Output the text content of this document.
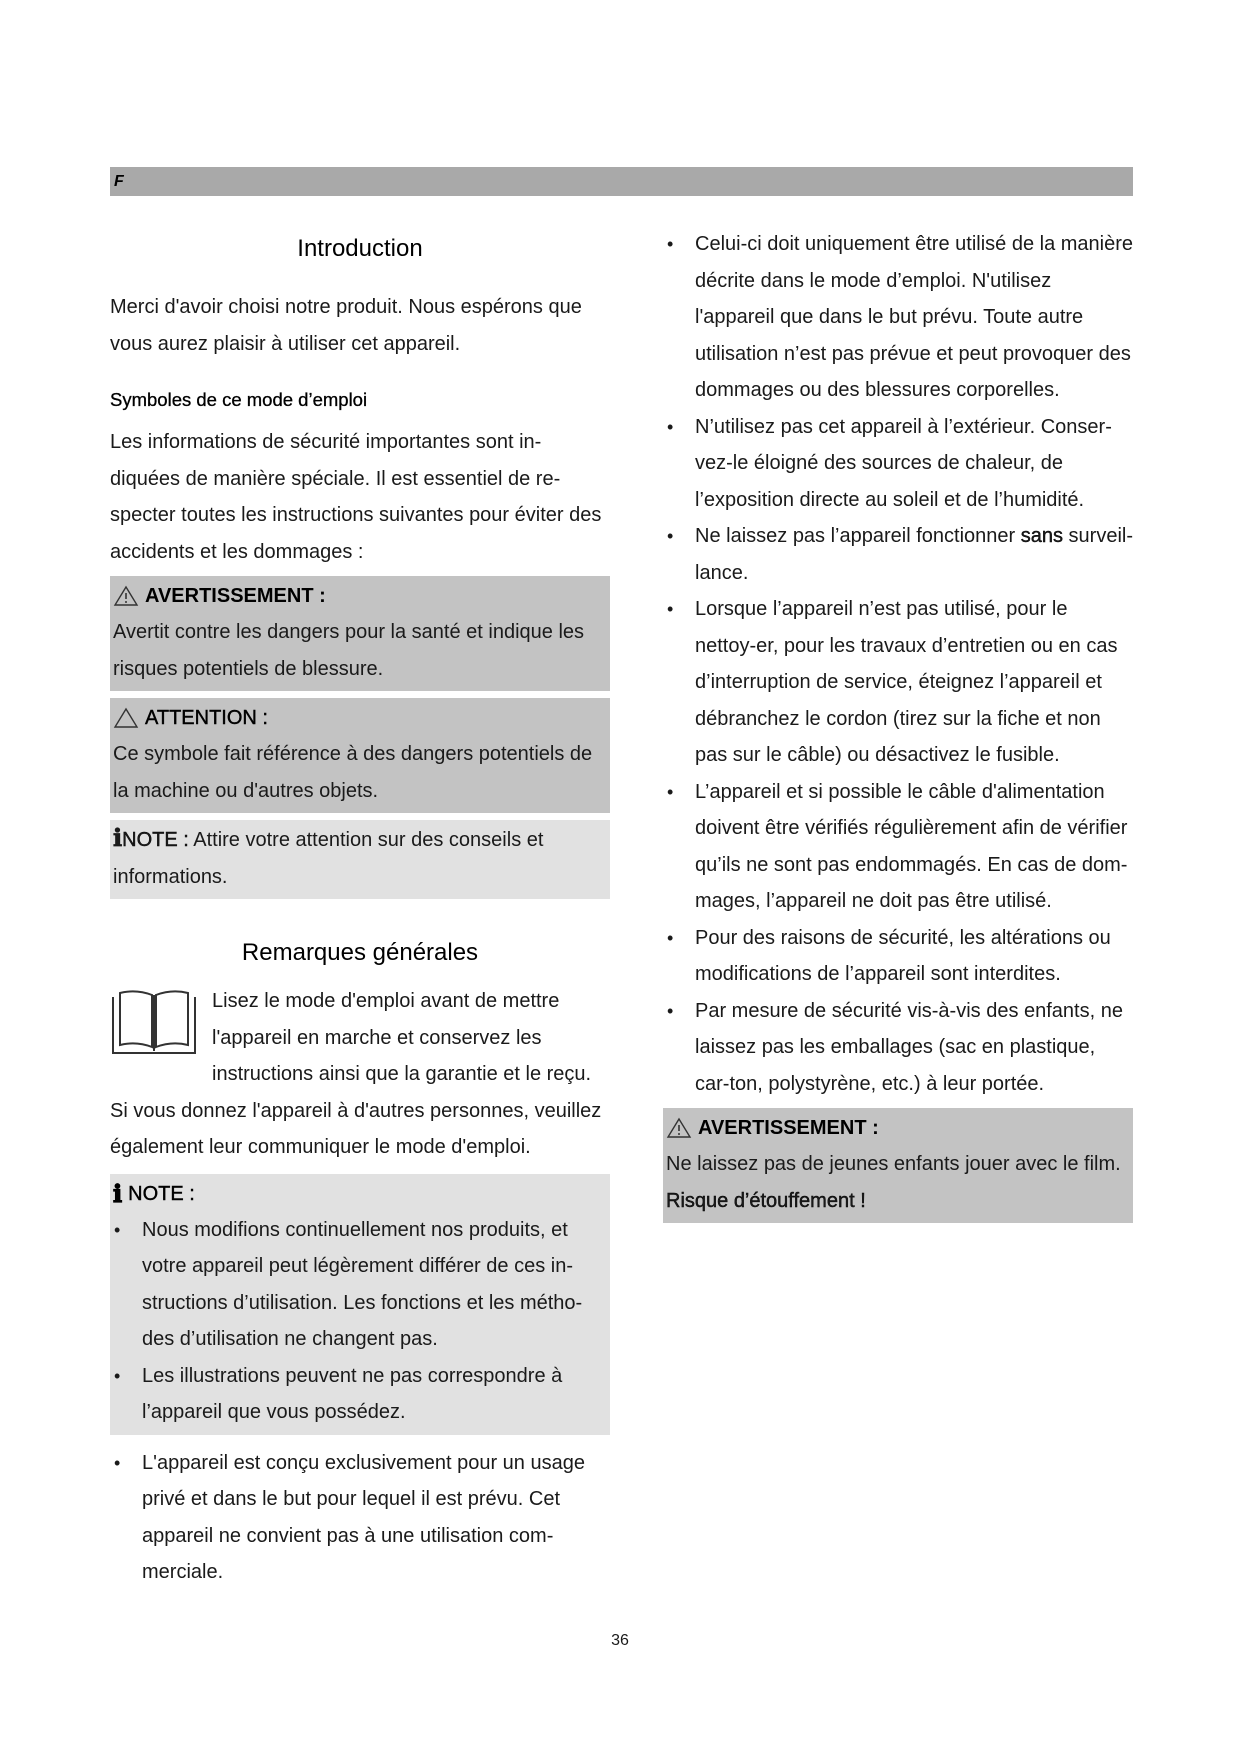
F
Introduction

Merci d'avoir choisi notre produit. Nous espérons que vous aurez plaisir à utiliser cet appareil.

Symboles de ce mode d’emploi

Les informations de sécurité importantes sont in-diquées de manière spéciale. Il est essentiel de re-specter toutes les instructions suivantes pour éviter des accidents et les dommages :

AVERTISSEMENT :
Avertit contre les dangers pour la santé et indique les risques potentiels de blessure.
ATTENTION :
Ce symbole fait référence à des dangers potentiels de la machine ou d'autres objets.
ℹNOTE : Attire votre attention sur des conseils et informations.
Remarques générales

Lisez le mode d'emploi avant de mettre l'appareil en marche et conservez les instructions ainsi que la garantie et le reçu. Si vous donnez l'appareil à d'autres personnes, veuillez également leur communiquer le mode d'emploi.

ℹ NOTE :
• Nous modifions continuellement nos produits, et votre appareil peut légèrement différer de ces in-structions d’utilisation. Les fonctions et les métho-des d’utilisation ne changent pas.
• Les illustrations peuvent ne pas correspondre à l’appareil que vous possédez.
• L'appareil est conçu exclusivement pour un usage privé et dans le but pour lequel il est prévu. Cet appareil ne convient pas à une utilisation com-merciale.
• Celui-ci doit uniquement être utilisé de la manière décrite dans le mode d’emploi. N'utilisez l'appareil que dans le but prévu. Toute autre utilisation n’est pas prévue et peut provoquer des dommages ou des blessures corporelles.
• N’utilisez pas cet appareil à l’extérieur. Conser-vez-le éloigné des sources de chaleur, de l’exposition directe au soleil et de l’humidité.
• Ne laissez pas l’appareil fonctionner sans surveil-lance.
• Lorsque l’appareil n’est pas utilisé, pour le nettoy-er, pour les travaux d’entretien ou en cas d’interruption de service, éteignez l’appareil et débranchez le cordon (tirez sur la fiche et non pas sur le câble) ou désactivez le fusible.
• L’appareil et si possible le câble d'alimentation doivent être vérifiés régulièrement afin de vérifier qu’ils ne sont pas endommagés. En cas de dom-mages, l’appareil ne doit pas être utilisé.
• Pour des raisons de sécurité, les altérations ou modifications de l’appareil sont interdites.
• Par mesure de sécurité vis-à-vis des enfants, ne laissez pas les emballages (sac en plastique, car-ton, polystyrène, etc.) à leur portée.
AVERTISSEMENT :
Ne laissez pas de jeunes enfants jouer avec le film. Risque d’étouffement !
36
